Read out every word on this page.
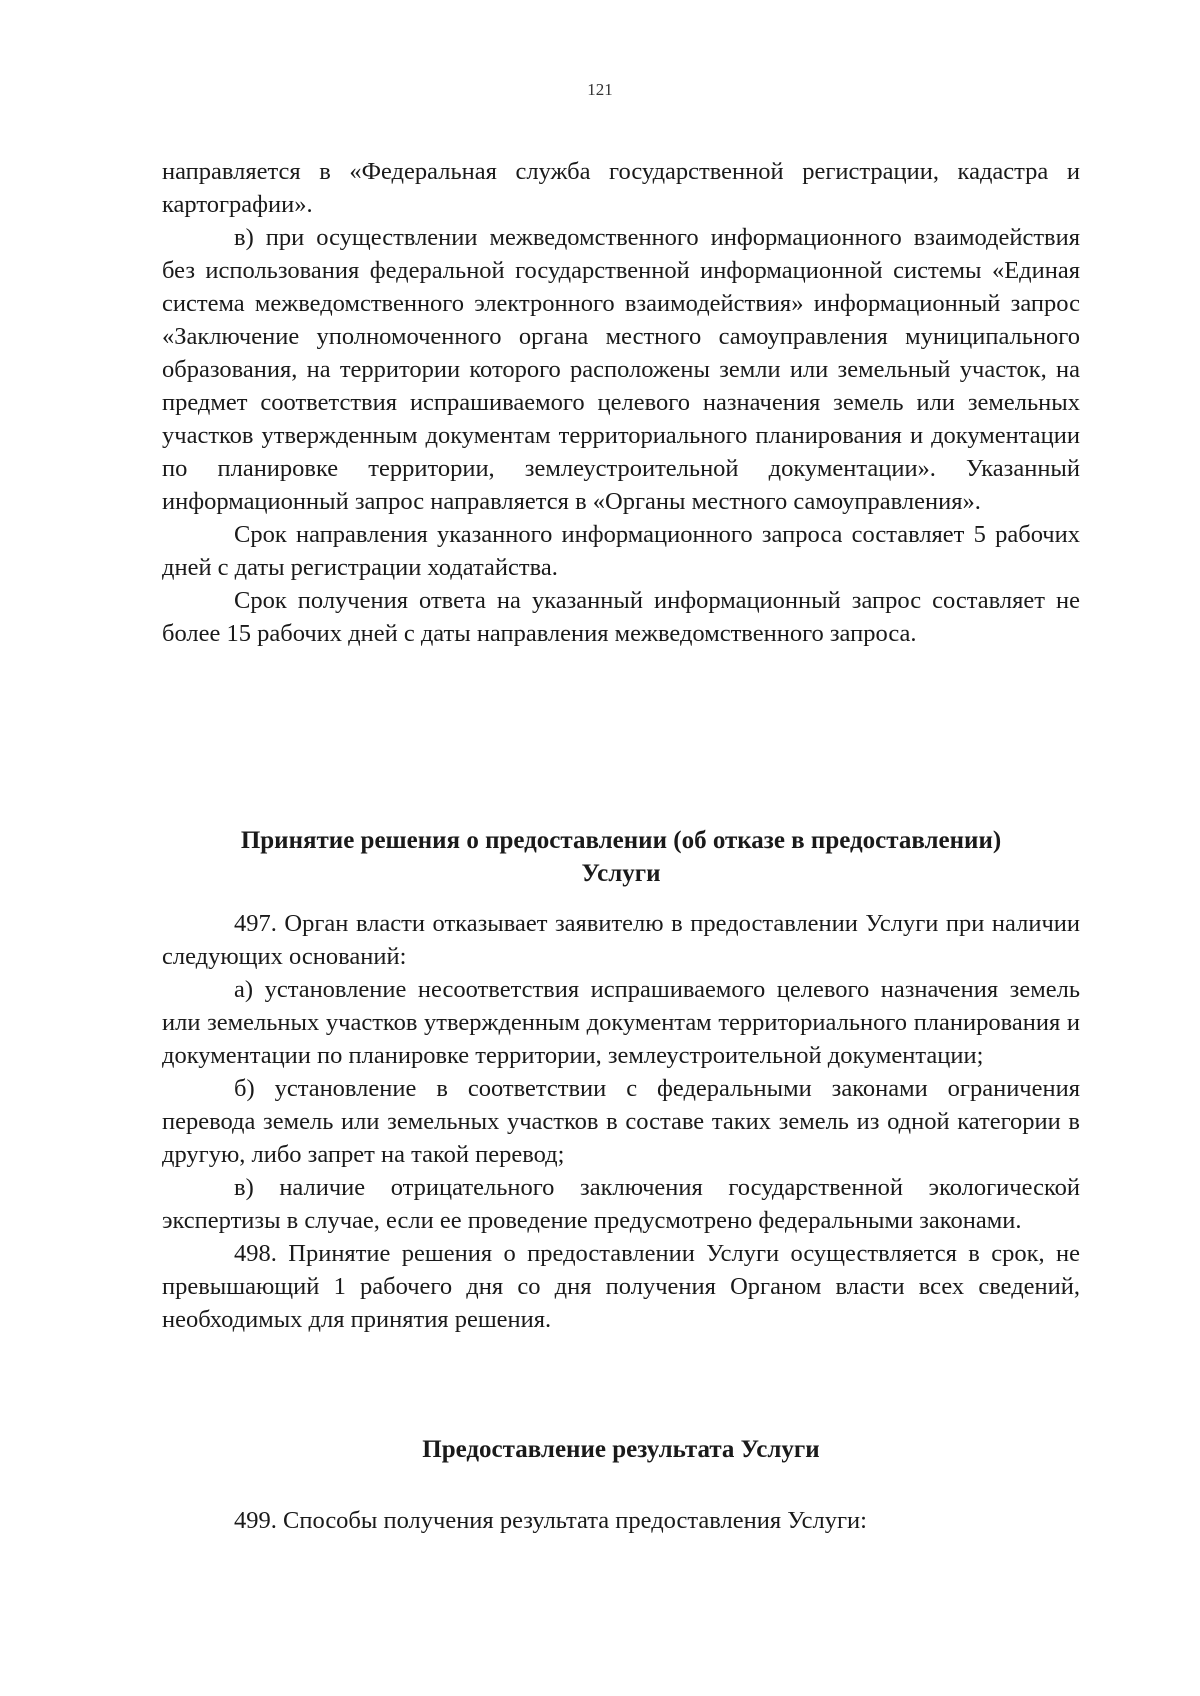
121

направляется в «Федеральная служба государственной регистрации, кадастра и картографии».

в) при осуществлении межведомственного информационного взаимодействия без использования федеральной государственной информационной системы «Единая система межведомственного электронного взаимодействия» информационный запрос «Заключение уполномоченного органа местного самоуправления муниципального образования, на территории которого расположены земли или земельный участок, на предмет соответствия испрашиваемого целевого назначения земель или земельных участков утвержденным документам территориального планирования и документации по планировке территории, землеустроительной документации». Указанный информационный запрос направляется в «Органы местного самоуправления».

Срок направления указанного информационного запроса составляет 5 рабочих дней с даты регистрации ходатайства.

Срок получения ответа на указанный информационный запрос составляет не более 15 рабочих дней с даты направления межведомственного запроса.

Принятие решения о предоставлении (об отказе в предоставлении)
Услуги

497. Орган власти отказывает заявителю в предоставлении Услуги при наличии следующих оснований:

а) установление несоответствия испрашиваемого целевого назначения земель или земельных участков утвержденным документам территориального планирования и документации по планировке территории, землеустроительной документации;

б) установление в соответствии с федеральными законами ограничения перевода земель или земельных участков в составе таких земель из одной категории в другую, либо запрет на такой перевод;

в) наличие отрицательного заключения государственной экологической экспертизы в случае, если ее проведение предусмотрено федеральными законами.

498. Принятие решения о предоставлении Услуги осуществляется в срок, не превышающий 1 рабочего дня со дня получения Органом власти всех сведений, необходимых для принятия решения.

Предоставление результата Услуги

499. Способы получения результата предоставления Услуги:
